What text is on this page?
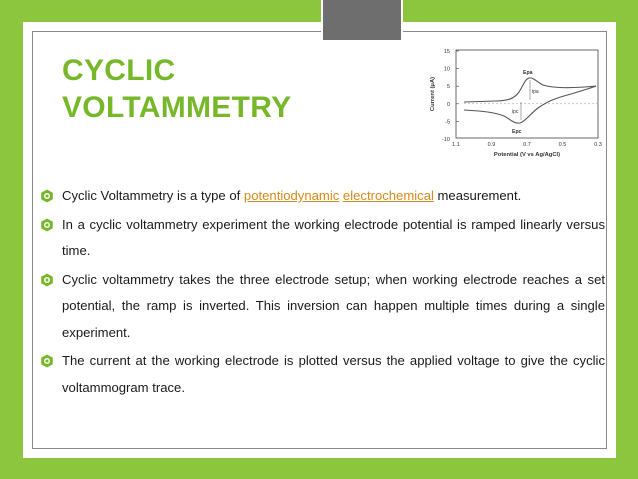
CYCLIC
VOLTAMMETRY
15
10
5
0
-5
-10
1.1	0.9	0.7	0.5	0.3
Potential (V vs Ag/AgCl)
Current (μA)
Epa
ipa
ipc
Epc
Cyclic Voltammetry is a type of potentiodynamic electrochemical measurement.
In a cyclic voltammetry experiment the working electrode potential is ramped linearly versus time.
Cyclic voltammetry takes the three electrode setup; when working electrode reaches a set potential, the ramp is inverted. This inversion can happen multiple times during a single experiment.
The current at the working electrode is plotted versus the applied voltage to give the cyclic voltammogram trace.
